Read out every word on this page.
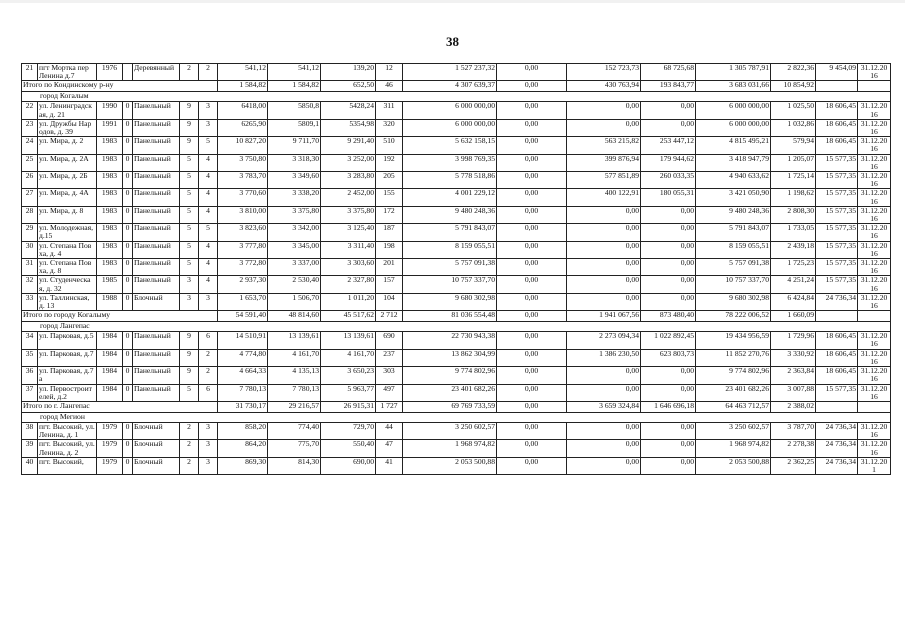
38
21	пгт Мортка пер Ленина д.7	1976		Деревянный	2	2	541,12	541,12	139,20	12	1 527 237,32	0,00	152 723,73	68 725,68	1 305 787,91	2 822,36	9 454,09	31.12.2016
Итого по Кондинскому р-ну							1 584,82	1 584,82	652,50	46	4 307 639,37	0,00	430 763,94	193 843,77	3 683 031,66	10 854,92		
город Когалым																		
22	ул. Ленинградская, д. 21	1990	0	Панельный	9	3	6418,00	5850,8	5428,24	311	6 000 000,00	0,00	0,00	0,00	6 000 000,00	1 025,50	18 606,45	31.12.2016
23	ул. Дружбы Народов, д. 39	1991	0	Панельный	9	3	6265,90	5809,1	5354,98	320	6 000 000,00	0,00	0,00	0,00	6 000 000,00	1 032,86	18 606,45	31.12.2016
24	ул. Мира, д. 2	1983	0	Панельный	9	5	10 827,20	9 711,70	9 291,40	510	5 632 158,15	0,00	563 215,82	253 447,12	4 815 495,21	579,94	18 606,45	31.12.2016
25	ул. Мира, д. 2А	1983	0	Панельный	5	4	3 750,80	3 318,30	3 252,00	192	3 998 769,35	0,00	399 876,94	179 944,62	3 418 947,79	1 205,07	15 577,35	31.12.2016
26	ул. Мира, д. 2Б	1983	0	Панельный	5	4	3 783,70	3 349,60	3 283,80	205	5 778 518,86	0,00	577 851,89	260 033,35	4 940 633,62	1 725,14	15 577,35	31.12.2016
27	ул. Мира, д. 4А	1983	0	Панельный	5	4	3 770,60	3 338,20	2 452,00	155	4 001 229,12	0,00	400 122,91	180 055,31	3 421 050,90	1 198,62	15 577,35	31.12.2016
28	ул. Мира, д. 8	1983	0	Панельный	5	4	3 810,00	3 375,80	3 375,80	172	9 480 248,36	0,00	0,00	0,00	9 480 248,36	2 808,30	15 577,35	31.12.2016
29	ул. Молодежная, д.15	1983	0	Панельный	5	5	3 823,60	3 342,00	3 125,40	187	5 791 843,07	0,00	0,00	0,00	5 791 843,07	1 733,05	15 577,35	31.12.2016
30	ул. Степана Повха, д. 4	1983	0	Панельный	5	4	3 777,80	3 345,00	3 311,40	198	8 159 055,51	0,00	0,00	0,00	8 159 055,51	2 439,18	15 577,35	31.12.2016
31	ул. Степана Повха, д. 8	1983	0	Панельный	5	4	3 772,80	3 337,00	3 303,60	201	5 757 091,38	0,00	0,00	0,00	5 757 091,38	1 725,23	15 577,35	31.12.2016
32	ул. Студенческая, д. 32	1985	0	Панельный	3	4	2 937,30	2 530,40	2 327,80	157	10 757 337,70	0,00	0,00	0,00	10 757 337,70	4 251,24	15 577,35	31.12.2016
33	ул. Таллинская,д. 13	1988	0	Блочный	3	3	1 653,70	1 506,70	1 011,20	104	9 680 302,98	0,00	0,00	0,00	9 680 302,98	6 424,84	24 736,34	31.12.2016
Итого по городу Когалыму							54 591,40	48 814,60	45 517,62	2 712	81 036 554,48	0,00	1 941 067,56	873 480,40	78 222 006,52	1 660,09		
город Лангепас																		
34	ул. Парковая, д.5	1984	0	Панельный	9	6	14 510,91	13 139,61	13 139,61	690	22 730 943,38	0,00	2 273 094,34	1 022 892,45	19 434 956,59	1 729,96	18 606,45	31.12.2016
35	ул. Парковая, д.7	1984	0	Панельный	9	2	4 774,80	4 161,70	4 161,70	237	13 862 304,99	0,00	1 386 230,50	623 803,73	11 852 270,76	3 330,92	18 606,45	31.12.2016
36	ул. Парковая, д.7а	1984	0	Панельный	9	2	4 664,33	4 135,13	3 650,23	303	9 774 802,96	0,00	0,00	0,00	9 774 802,96	2 363,84	18 606,45	31.12.2016
37	ул. Первостроителей, д.2	1984	0	Панельный	5	6	7 780,13	7 780,13	5 963,77	497	23 401 682,26	0,00	0,00	0,00	23 401 682,26	3 007,88	15 577,35	31.12.2016
Итого по г. Лангепас							31 730,17	29 216,57	26 915,31	1 727	69 769 733,59	0,00	3 659 324,84	1 646 696,18	64 463 712,57	2 388,02		
город Мегион																		
38	пгт. Высокий, ул. Ленина, д. 1	1979	0	Блочный	2	3	858,20	774,40	729,70	44	3 250 602,57	0,00	0,00	0,00	3 250 602,57	3 787,70	24 736,34	31.12.2016
39	пгт. Высокий, ул. Ленина, д. 2	1979	0	Блочный	2	3	864,20	775,70	550,40	47	1 968 974,82	0,00	0,00	0,00	1 968 974,82	2 278,38	24 736,34	31.12.2016
40	пгт. Высокий,	1979	0	Блочный	2	3	869,30	814,30	690,00	41	2 053 500,88	0,00	0,00	0,00	2 053 500,88	2 362,25	24 736,34	31.12.201
